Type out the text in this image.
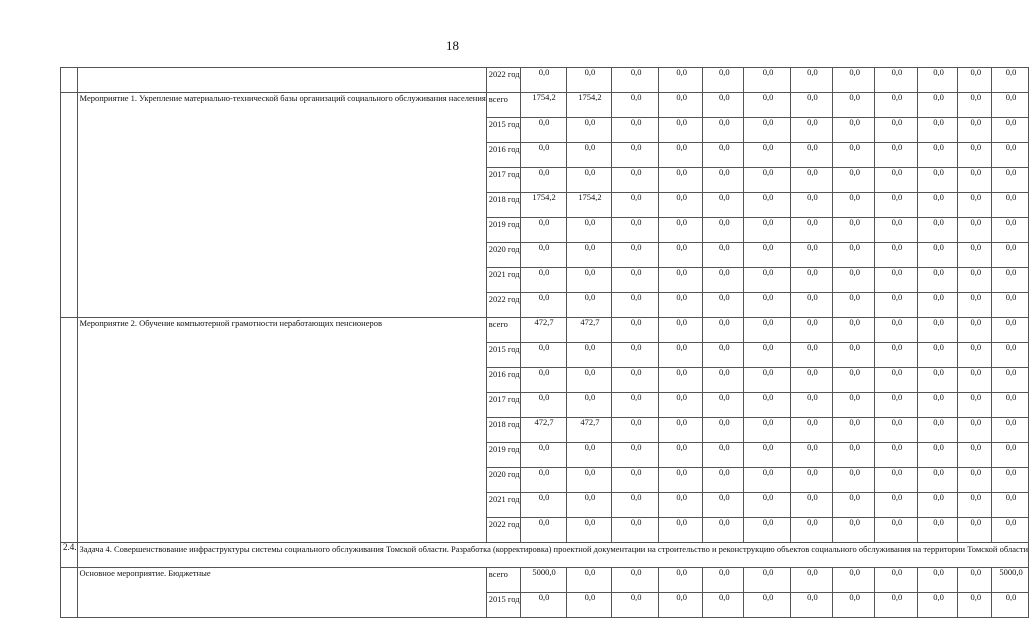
18
		2022 год	0,0	0,0	0,0	0,0	0,0	0,0	0,0	0,0	0,0	0,0	0,0	0,0
	Мероприятие 1. Укрепление материально-технической базы организаций социального обслуживания населения	всего	1754,2	1754,2	0,0	0,0	0,0	0,0	0,0	0,0	0,0	0,0	0,0	0,0
		2015 год	0,0	0,0	0,0	0,0	0,0	0,0	0,0	0,0	0,0	0,0	0,0	0,0
		2016 год	0,0	0,0	0,0	0,0	0,0	0,0	0,0	0,0	0,0	0,0	0,0	0,0
		2017 год	0,0	0,0	0,0	0,0	0,0	0,0	0,0	0,0	0,0	0,0	0,0	0,0
		2018 год	1754,2	1754,2	0,0	0,0	0,0	0,0	0,0	0,0	0,0	0,0	0,0	0,0
		2019 год	0,0	0,0	0,0	0,0	0,0	0,0	0,0	0,0	0,0	0,0	0,0	0,0
		2020 год	0,0	0,0	0,0	0,0	0,0	0,0	0,0	0,0	0,0	0,0	0,0	0,0
		2021 год	0,0	0,0	0,0	0,0	0,0	0,0	0,0	0,0	0,0	0,0	0,0	0,0
		2022 год	0,0	0,0	0,0	0,0	0,0	0,0	0,0	0,0	0,0	0,0	0,0	0,0
	Мероприятие 2. Обучение компьютерной грамотности неработающих пенсионеров	всего	472,7	472,7	0,0	0,0	0,0	0,0	0,0	0,0	0,0	0,0	0,0	0,0
		2015 год	0,0	0,0	0,0	0,0	0,0	0,0	0,0	0,0	0,0	0,0	0,0	0,0
		2016 год	0,0	0,0	0,0	0,0	0,0	0,0	0,0	0,0	0,0	0,0	0,0	0,0
		2017 год	0,0	0,0	0,0	0,0	0,0	0,0	0,0	0,0	0,0	0,0	0,0	0,0
		2018 год	472,7	472,7	0,0	0,0	0,0	0,0	0,0	0,0	0,0	0,0	0,0	0,0
		2019 год	0,0	0,0	0,0	0,0	0,0	0,0	0,0	0,0	0,0	0,0	0,0	0,0
		2020 год	0,0	0,0	0,0	0,0	0,0	0,0	0,0	0,0	0,0	0,0	0,0	0,0
		2021 год	0,0	0,0	0,0	0,0	0,0	0,0	0,0	0,0	0,0	0,0	0,0	0,0
		2022 год	0,0	0,0	0,0	0,0	0,0	0,0	0,0	0,0	0,0	0,0	0,0	0,0
2.4.	Задача 4. Совершенствование инфраструктуры системы социального обслуживания Томской области. Разработка (корректировка) проектной документации на строительство и реконструкцию объектов социального обслуживания на территории Томской области													
	Основное мероприятие. Бюджетные	всего	5000,0	0,0	0,0	0,0	0,0	0,0	0,0	0,0	0,0	0,0	0,0	5000,0
		2015 год	0,0	0,0	0,0	0,0	0,0	0,0	0,0	0,0	0,0	0,0	0,0	0,0
